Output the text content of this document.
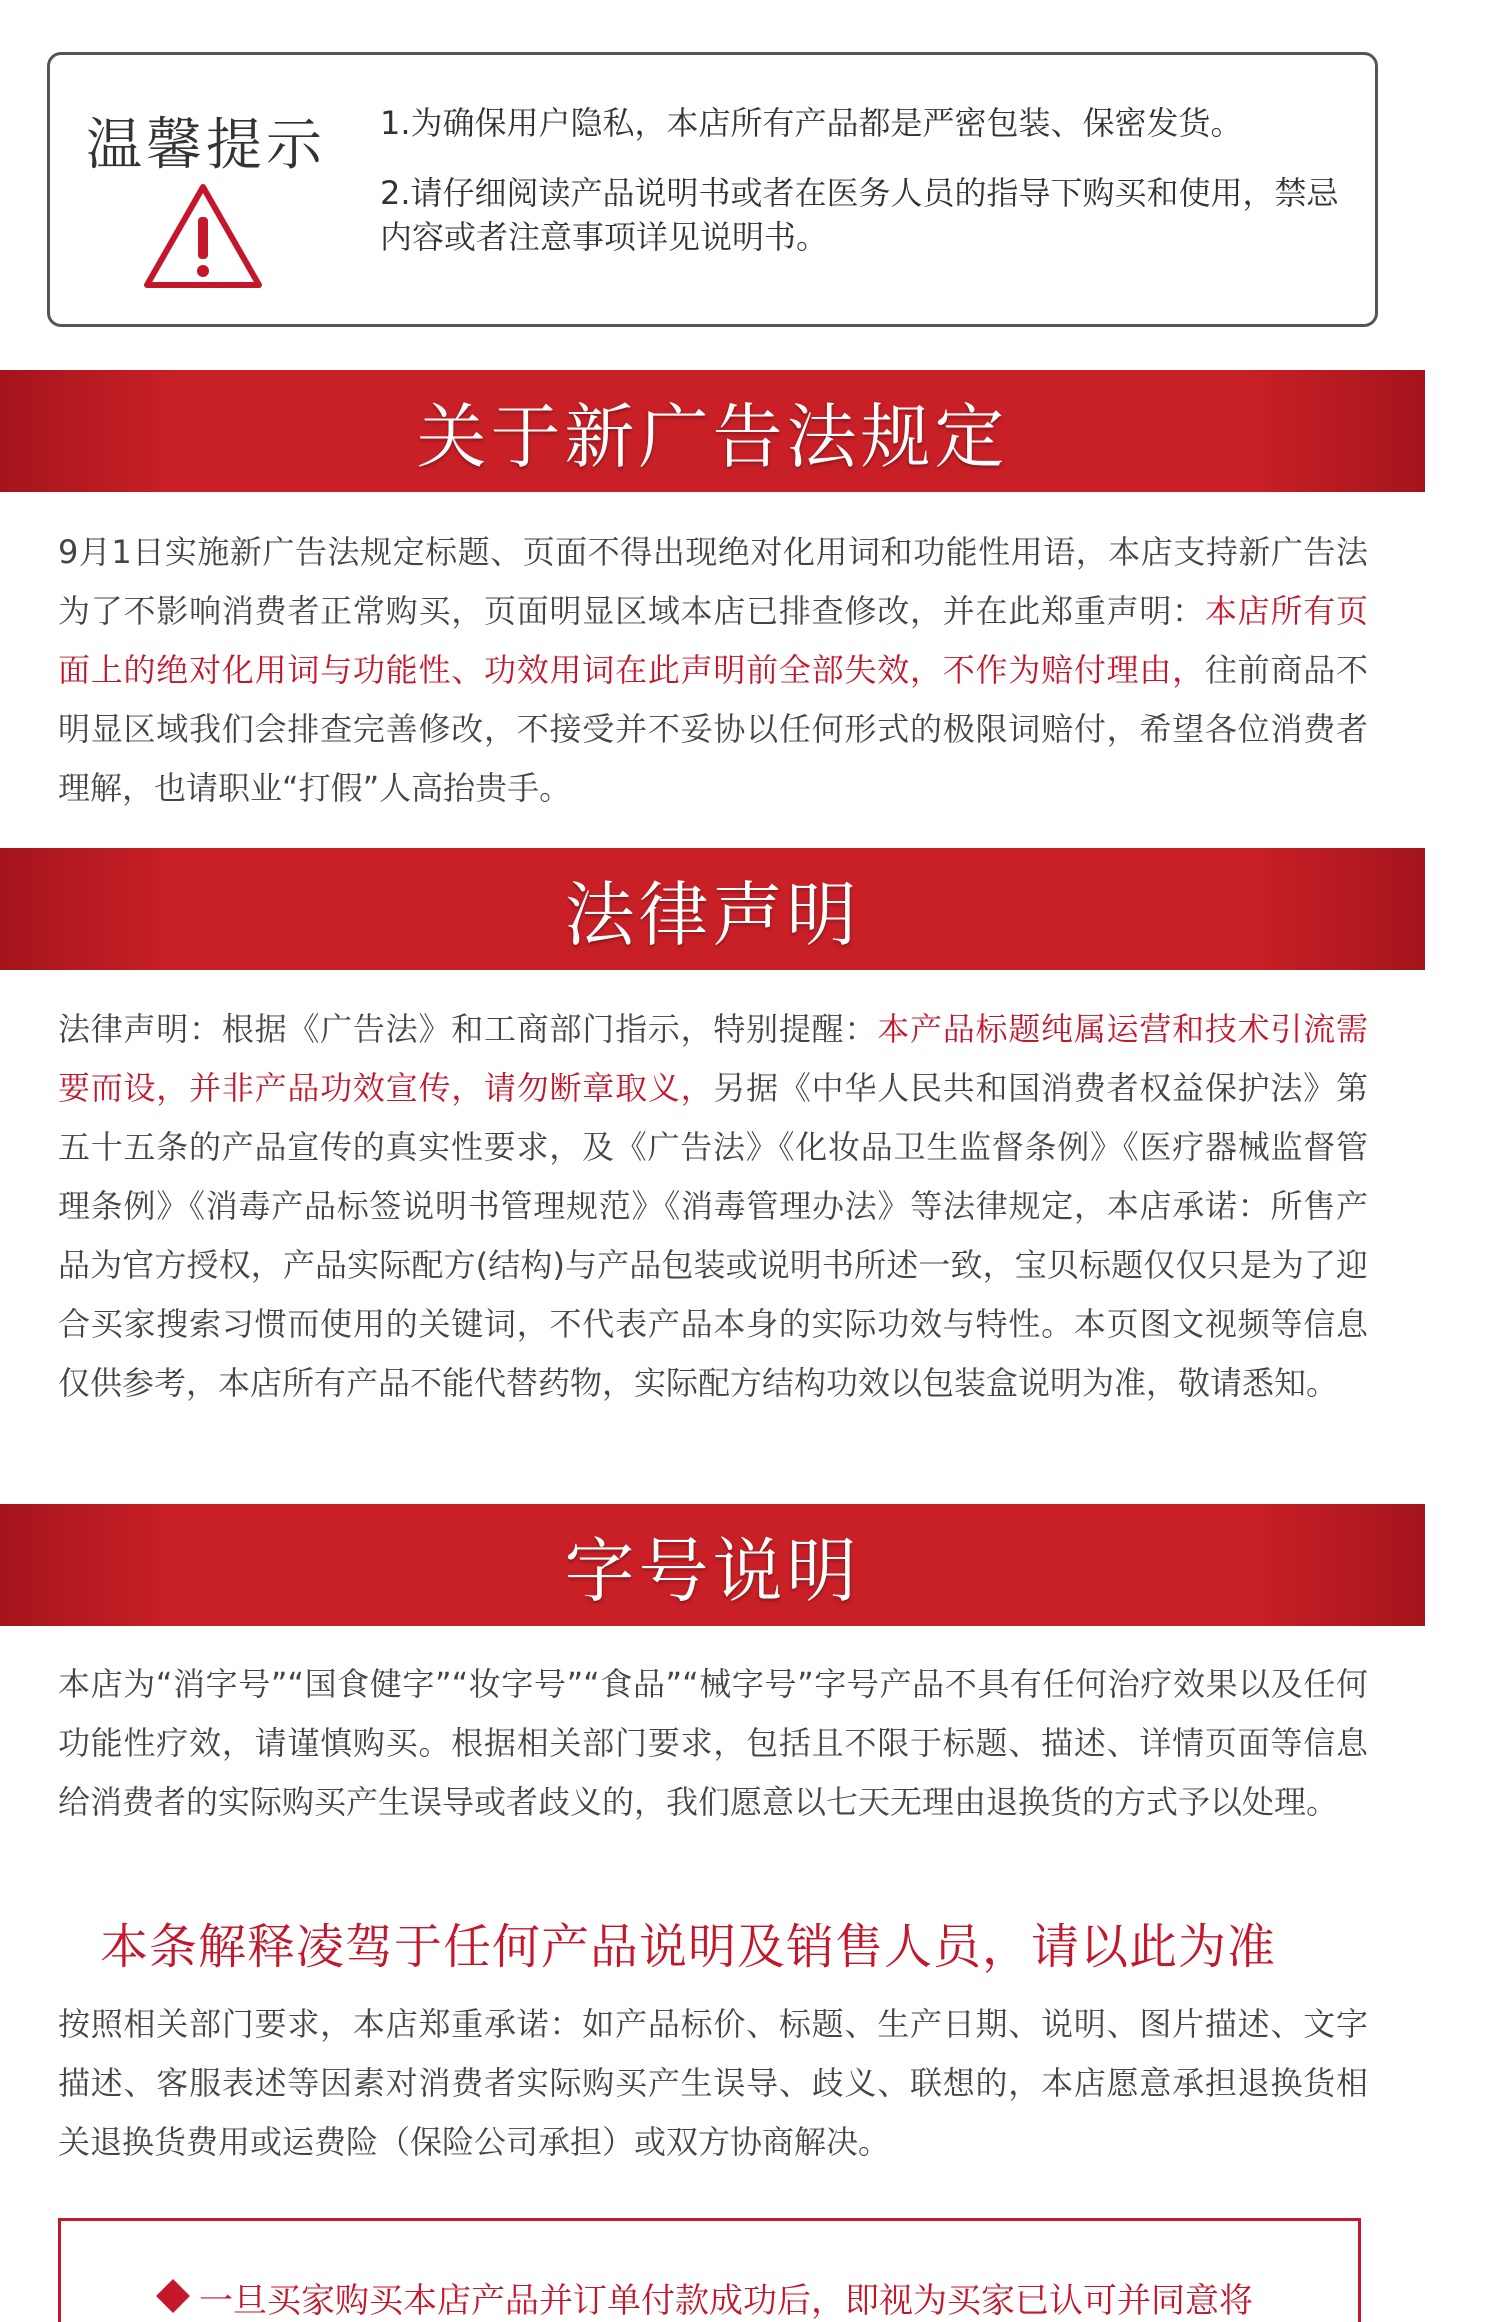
温馨提示 1.为确保用户隐私，本店所有产品都是严密包装、保密发货。

2.请仔细阅读产品说明书或者在医务人员的指导下购买和使用，禁忌内容或者注意事项详见说明书。

关于新广告法规定

9月1日实施新广告法规定标题、页面不得出现绝对化用词和功能性用语，本店支持新广告法为了不影响消费者正常购买，页面明显区域本店已排查修改，并在此郑重声明：本店所有页面上的绝对化用词与功能性、功效用词在此声明前全部失效，不作为赔付理由，往前商品不明显区域我们会排查完善修改，不接受并不妥协以任何形式的极限词赔付，希望各位消费者理解，也请职业“打假”人高抬贵手。

法律声明

法律声明：根据《广告法》和工商部门指示，特别提醒：本产品标题纯属运营和技术引流需要而设，并非产品功效宣传，请勿断章取义，另据《中华人民共和国消费者权益保护法》第五十五条的产品宣传的真实性要求，及《广告法》《化妆品卫生监督条例》《医疗器械监督管理条例》《消毒产品标签说明书管理规范》《消毒管理办法》等法律规定，本店承诺：所售产品为官方授权，产品实际配方(结构)与产品包装或说明书所述一致，宝贝标题仅仅只是为了迎合买家搜索习惯而使用的关键词，不代表产品本身的实际功效与特性。本页图文视频等信息仅供参考，本店所有产品不能代替药物，实际配方结构功效以包装盒说明为准，敬请悉知。

字号说明

本店为“消字号”“国食健字”“妆字号”“食品”“械字号”字号产品不具有任何治疗效果以及任何功能性疗效，请谨慎购买。根据相关部门要求，包括且不限于标题、描述、详情页面等信息给消费者的实际购买产生误导或者歧义的，我们愿意以七天无理由退换货的方式予以处理。

本条解释凌驾于任何产品说明及销售人员，请以此为准

按照相关部门要求，本店郑重承诺：如产品标价、标题、生产日期、说明、图片描述、文字描述、客服表述等因素对消费者实际购买产生误导、歧义、联想的，本店愿意承担退换货相关退换货费用或运费险（保险公司承担）或双方协商解决。

一旦买家购买本店产品并订单付款成功后，即视为买家已认可并同意将
